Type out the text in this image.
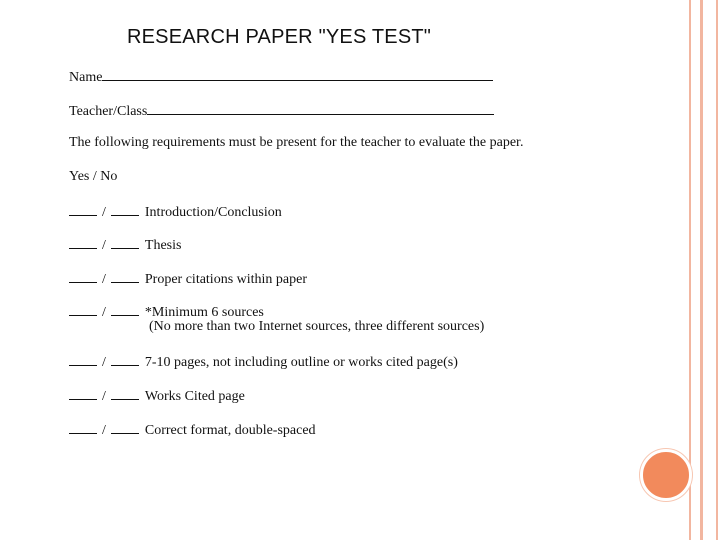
RESEARCH PAPER "YES TEST"
Name
Teacher/Class
The following requirements must be present for the teacher to evaluate the paper.
Yes / No
/	Introduction/Conclusion
/	Thesis
/	Proper citations within paper
/	*Minimum 6 sources
(No more than two Internet sources, three different sources)
/	7-10 pages, not including outline or works cited page(s)
/	Works Cited page
/	Correct format, double-spaced
